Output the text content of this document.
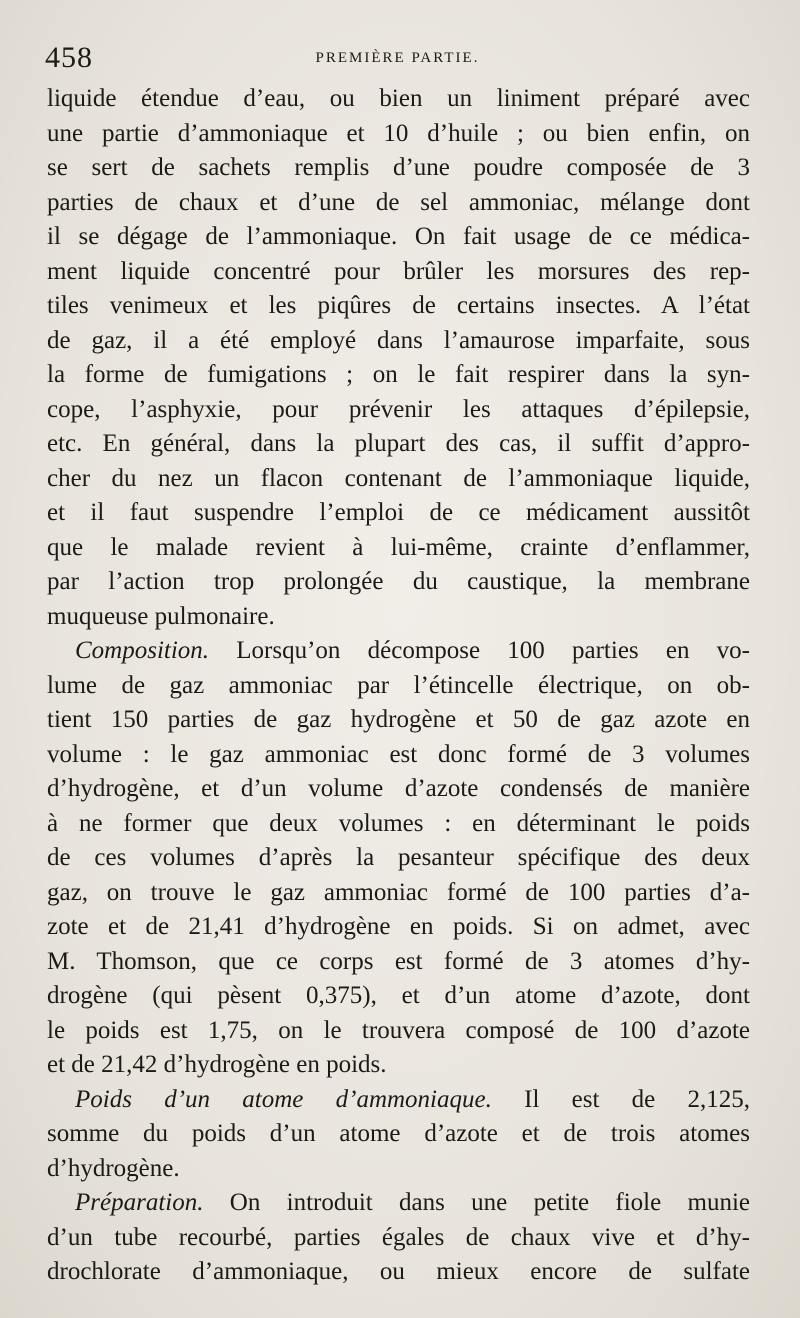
458	PREMIÈRE PARTIE.
liquide étendue d’eau, ou bien un liniment préparé avec
une partie d’ammoniaque et 10 d’huile ; ou bien enfin, on
se sert de sachets remplis d’une poudre composée de 3
parties de chaux et d’une de sel ammoniac, mélange dont
il se dégage de l’ammoniaque. On fait usage de ce médica-
ment liquide concentré pour brûler les morsures des rep-
tiles venimeux et les piqûres de certains insectes. A l’état
de gaz, il a été employé dans l’amaurose imparfaite, sous
la forme de fumigations ; on le fait respirer dans la syn-
cope, l’asphyxie, pour prévenir les attaques d’épilepsie,
etc. En général, dans la plupart des cas, il suffit d’appro-
cher du nez un flacon contenant de l’ammoniaque liquide,
et il faut suspendre l’emploi de ce médicament aussitôt
que le malade revient à lui-même, crainte d’enflammer,
par l’action trop prolongée du caustique, la membrane
muqueuse pulmonaire.
Composition. Lorsqu’on décompose 100 parties en vo-
lume de gaz ammoniac par l’étincelle électrique, on ob-
tient 150 parties de gaz hydrogène et 50 de gaz azote en
volume : le gaz ammoniac est donc formé de 3 volumes
d’hydrogène, et d’un volume d’azote condensés de manière
à ne former que deux volumes : en déterminant le poids
de ces volumes d’après la pesanteur spécifique des deux
gaz, on trouve le gaz ammoniac formé de 100 parties d’a-
zote et de 21,41 d’hydrogène en poids. Si on admet, avec
M. Thomson, que ce corps est formé de 3 atomes d’hy-
drogène (qui pèsent 0,375), et d’un atome d’azote, dont
le poids est 1,75, on le trouvera composé de 100 d’azote
et de 21,42 d’hydrogène en poids.
Poids d’un atome d’ammoniaque. Il est de 2,125,
somme du poids d’un atome d’azote et de trois atomes
d’hydrogène.
Préparation. On introduit dans une petite fiole munie
d’un tube recourbé, parties égales de chaux vive et d’hy-
drochlorate d’ammoniaque, ou mieux encore de sulfate
